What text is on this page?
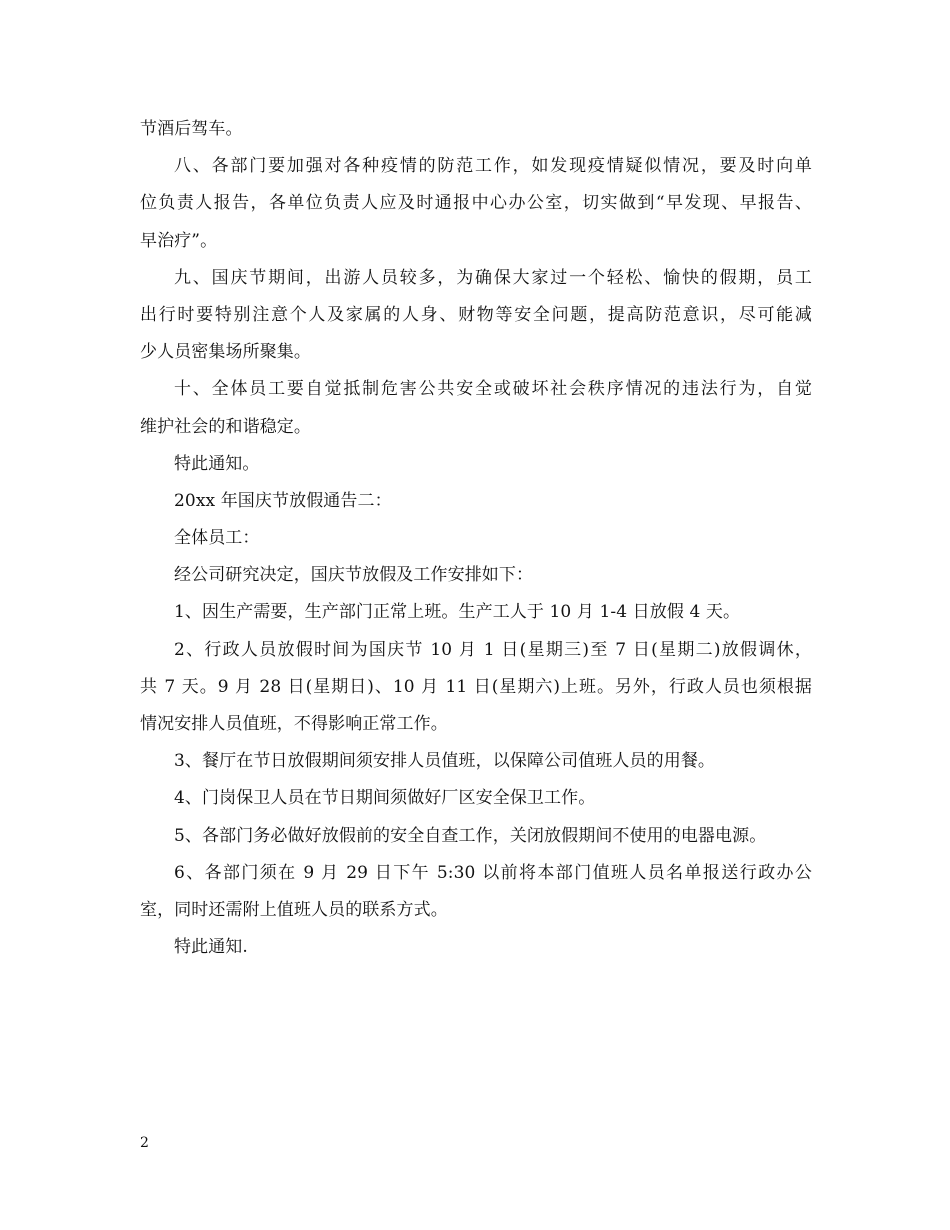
节酒后驾车。
八、各部门要加强对各种疫情的防范工作，如发现疫情疑似情况，要及时向单
位负责人报告，各单位负责人应及时通报中心办公室，切实做到“早发现、早报告、
早治疗”。
九、国庆节期间，出游人员较多，为确保大家过一个轻松、愉快的假期，员工
出行时要特别注意个人及家属的人身、财物等安全问题，提高防范意识，尽可能减
少人员密集场所聚集。
十、全体员工要自觉抵制危害公共安全或破坏社会秩序情况的违法行为，自觉
维护社会的和谐稳定。
特此通知。
20xx 年国庆节放假通告二：
全体员工：
经公司研究决定，国庆节放假及工作安排如下：
1、因生产需要，生产部门正常上班。生产工人于 10 月 1-4 日放假 4 天。
2、行政人员放假时间为国庆节 10 月 1 日(星期三)至 7 日(星期二)放假调休，
共 7 天。9 月 28 日(星期日)、10 月 11 日(星期六)上班。另外，行政人员也须根据
情况安排人员值班，不得影响正常工作。
3、餐厅在节日放假期间须安排人员值班，以保障公司值班人员的用餐。
4、门岗保卫人员在节日期间须做好厂区安全保卫工作。
5、各部门务必做好放假前的安全自查工作，关闭放假期间不使用的电器电源。
6、各部门须在 9 月 29 日下午 5:30 以前将本部门值班人员名单报送行政办公
室，同时还需附上值班人员的联系方式。
特此通知.
2
